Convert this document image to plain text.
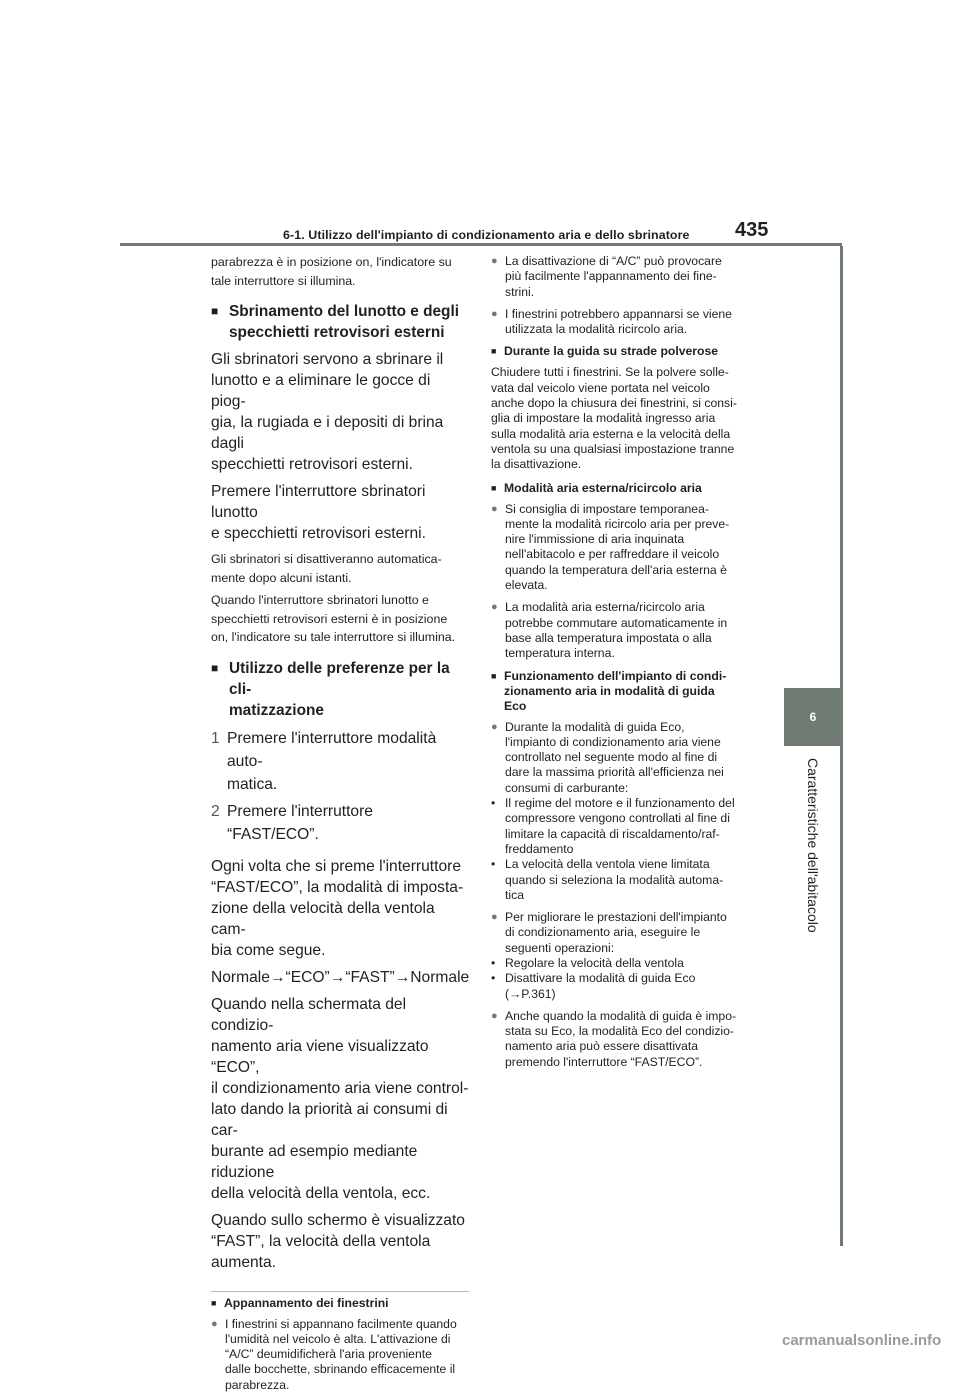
6-1. Utilizzo dell'impianto di condizionamento aria e dello sbrinatore 435
6
Caratteristiche dell'abitacolo

parabrezza è in posizione on, l'indicatore su
tale interruttore si illumina.

■ Sbrinamento del lunotto e degli
specchietti retrovisori esterni

Gli sbrinatori servono a sbrinare il
lunotto e a eliminare le gocce di piog-
gia, la rugiada e i depositi di brina dagli
specchietti retrovisori esterni.

Premere l'interruttore sbrinatori lunotto
e specchietti retrovisori esterni.

Gli sbrinatori si disattiveranno automatica-
mente dopo alcuni istanti.

Quando l'interruttore sbrinatori lunotto e
specchietti retrovisori esterni è in posizione
on, l'indicatore su tale interruttore si illumina.

■ Utilizzo delle preferenze per la cli-
matizzazione
1 Premere l'interruttore modalità auto-
matica.
2 Premere l'interruttore “FAST/ECO”.

Ogni volta che si preme l'interruttore
“FAST/ECO”, la modalità di imposta-
zione della velocità della ventola cam-
bia come segue.

Normale→“ECO”→“FAST”→Normale

Quando nella schermata del condizio-
namento aria viene visualizzato “ECO”,
il condizionamento aria viene control-
lato dando la priorità ai consumi di car-
burante ad esempio mediante riduzione
della velocità della ventola, ecc.

Quando sullo schermo è visualizzato
“FAST”, la velocità della ventola
aumenta.

■ Appannamento dei finestrini
● I finestrini si appannano facilmente quando
l'umidità nel veicolo è alta. L'attivazione di
“A/C” deumidificherà l'aria proveniente
dalle bocchette, sbrinando efficacemente il
parabrezza.
● La disattivazione di “A/C” può provocare
più facilmente l'appannamento dei fine-
strini.
● I finestrini potrebbero appannarsi se viene
utilizzata la modalità ricircolo aria.
■ Durante la guida su strade polverose

Chiudere tutti i finestrini. Se la polvere solle-
vata dal veicolo viene portata nel veicolo
anche dopo la chiusura dei finestrini, si consi-
glia di impostare la modalità ingresso aria
sulla modalità aria esterna e la velocità della
ventola su una qualsiasi impostazione tranne
la disattivazione.

■ Modalità aria esterna/ricircolo aria
● Si consiglia di impostare temporanea-
mente la modalità ricircolo aria per preve-
nire l'immissione di aria inquinata
nell'abitacolo e per raffreddare il veicolo
quando la temperatura dell'aria esterna è
elevata.
● La modalità aria esterna/ricircolo aria
potrebbe commutare automaticamente in
base alla temperatura impostata o alla
temperatura interna.
■ Funzionamento dell'impianto di condi-
zionamento aria in modalità di guida
Eco
● Durante la modalità di guida Eco,
l'impianto di condizionamento aria viene
controllato nel seguente modo al fine di
dare la massima priorità all'efficienza nei
consumi di carburante:
• Il regime del motore e il funzionamento del
compressore vengono controllati al fine di
limitare la capacità di riscaldamento/raf-
freddamento
• La velocità della ventola viene limitata
quando si seleziona la modalità automa-
tica
● Per migliorare le prestazioni dell'impianto
di condizionamento aria, eseguire le
seguenti operazioni:
• Regolare la velocità della ventola
• Disattivare la modalità di guida Eco
(→P.361)
● Anche quando la modalità di guida è impo-
stata su Eco, la modalità Eco del condizio-
namento aria può essere disattivata
premendo l'interruttore “FAST/ECO”.
carmanualsonline.info
